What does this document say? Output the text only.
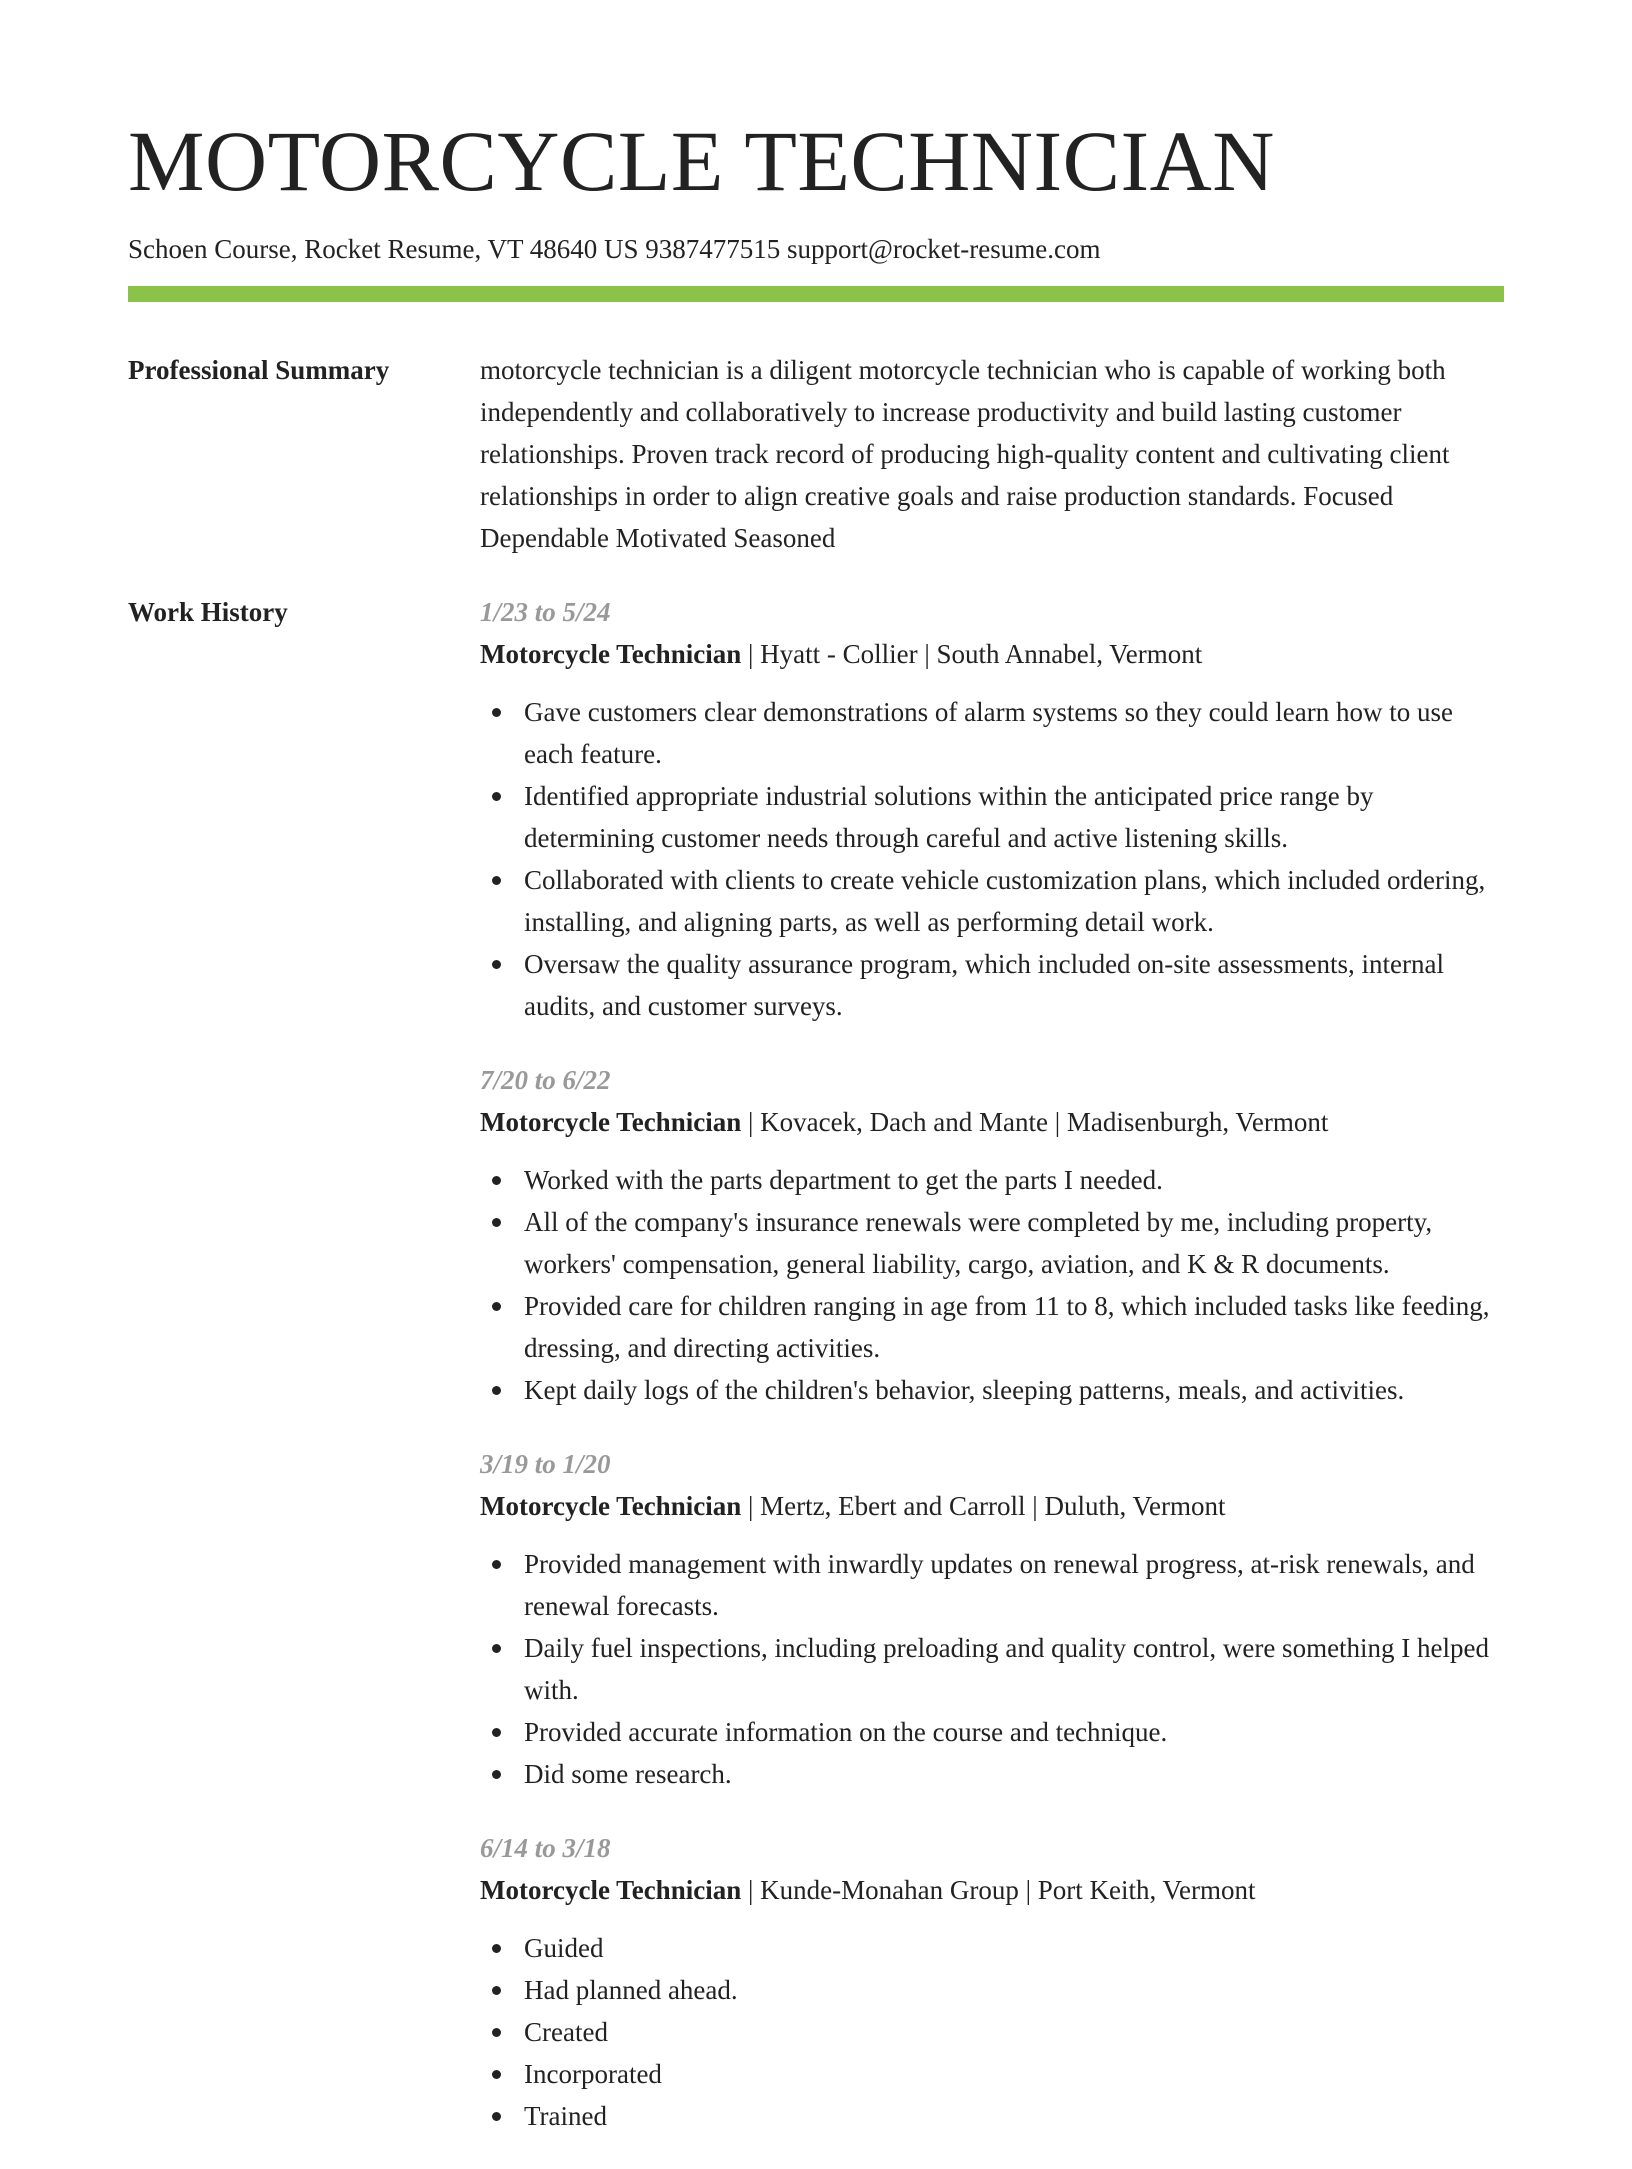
MOTORCYCLE TECHNICIAN
Schoen Course, Rocket Resume, VT 48640 US 9387477515 support@rocket-resume.com
Professional Summary	motorcycle technician is a diligent motorcycle technician who is capable of working both independently and collaboratively to increase productivity and build lasting customer relationships. Proven track record of producing high-quality content and cultivating client relationships in order to align creative goals and raise production standards. Focused Dependable Motivated Seasoned

Work History	1/23 to 5/24
Motorcycle Technician | Hyatt - Collier | South Annabel, Vermont
Gave customers clear demonstrations of alarm systems so they could learn how to use each feature.
Identified appropriate industrial solutions within the anticipated price range by determining customer needs through careful and active listening skills.
Collaborated with clients to create vehicle customization plans, which included ordering, installing, and aligning parts, as well as performing detail work.
Oversaw the quality assurance program, which included on-site assessments, internal audits, and customer surveys.
7/20 to 6/22
Motorcycle Technician | Kovacek, Dach and Mante | Madisenburgh, Vermont
Worked with the parts department to get the parts I needed.
All of the company's insurance renewals were completed by me, including property, workers' compensation, general liability, cargo, aviation, and K & R documents.
Provided care for children ranging in age from 11 to 8, which included tasks like feeding, dressing, and directing activities.
Kept daily logs of the children's behavior, sleeping patterns, meals, and activities.
3/19 to 1/20
Motorcycle Technician | Mertz, Ebert and Carroll | Duluth, Vermont
Provided management with inwardly updates on renewal progress, at-risk renewals, and renewal forecasts.
Daily fuel inspections, including preloading and quality control, were something I helped with.
Provided accurate information on the course and technique.
Did some research.
6/14 to 3/18
Motorcycle Technician | Kunde-Monahan Group | Port Keith, Vermont
Guided
Had planned ahead.
Created
Incorporated
Trained
